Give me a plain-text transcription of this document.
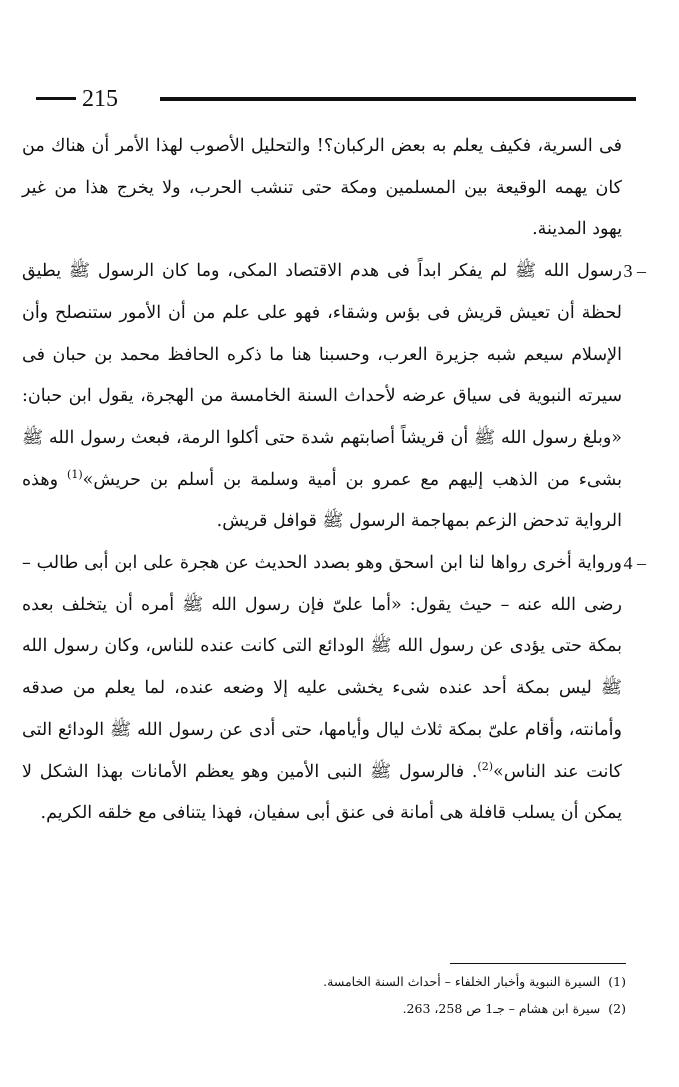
215

فى السرية، فكيف يعلم به بعض الركبان؟! والتحليل الأصوب لهذا الأمر أن هناك من كان يهمه الوقيعة بين المسلمين ومكة حتى تنشب الحرب، ولا يخرج هذا من غير يهود المدينة.

3 –
رسول الله ﷺ لم يفكر ابداً فى هدم الاقتصاد المكى، وما كان الرسول ﷺ يطيق لحظة أن تعيش قريش فى بؤس وشقاء، فهو على علم من أن الأمور ستنصلح وأن الإسلام سيعم شبه جزيرة العرب، وحسبنا هنا ما ذكره الحافظ محمد بن حبان فى سيرته النبوية فى سياق عرضه لأحداث السنة الخامسة من الهجرة، يقول ابن حبان: «وبلغ رسول الله ﷺ أن قريشاً أصابتهم شدة حتى أكلوا الرمة، فبعث رسول الله ﷺ بشىء من الذهب إليهم مع عمرو بن أمية وسلمة بن أسلم بن حريش»$^{(1)}$ وهذه الرواية تدحض الزعم بمهاجمة الرسول ﷺ قوافل قريش.

4 –
ورواية أخرى رواها لنا ابن اسحق وهو بصدد الحديث عن هجرة على ابن أبى طالب – رضى الله عنه – حيث يقول: «أما علىّ فإن رسول الله ﷺ أمره أن يتخلف بعده بمكة حتى يؤدى عن رسول الله ﷺ الودائع التى كانت عنده للناس، وكان رسول الله ﷺ ليس بمكة أحد عنده شىء يخشى عليه إلا وضعه عنده، لما يعلم من صدقه وأمانته، وأقام علىّ بمكة ثلاث ليال وأيامها، حتى أدى عن رسول الله ﷺ الودائع التى كانت عند الناس»$^{(2)}$. فالرسول ﷺ النبى الأمين وهو يعظم الأمانات بهذا الشكل لا يمكن أن يسلب قافلة هى أمانة فى عنق أبى سفيان، فهذا يتنافى مع خلقه الكريم.

(1) السيرة النبوية وأخبار الخلفاء – أحداث السنة الخامسة.

(2) سيرة ابن هشام – جـ1 ص 258، 263.
